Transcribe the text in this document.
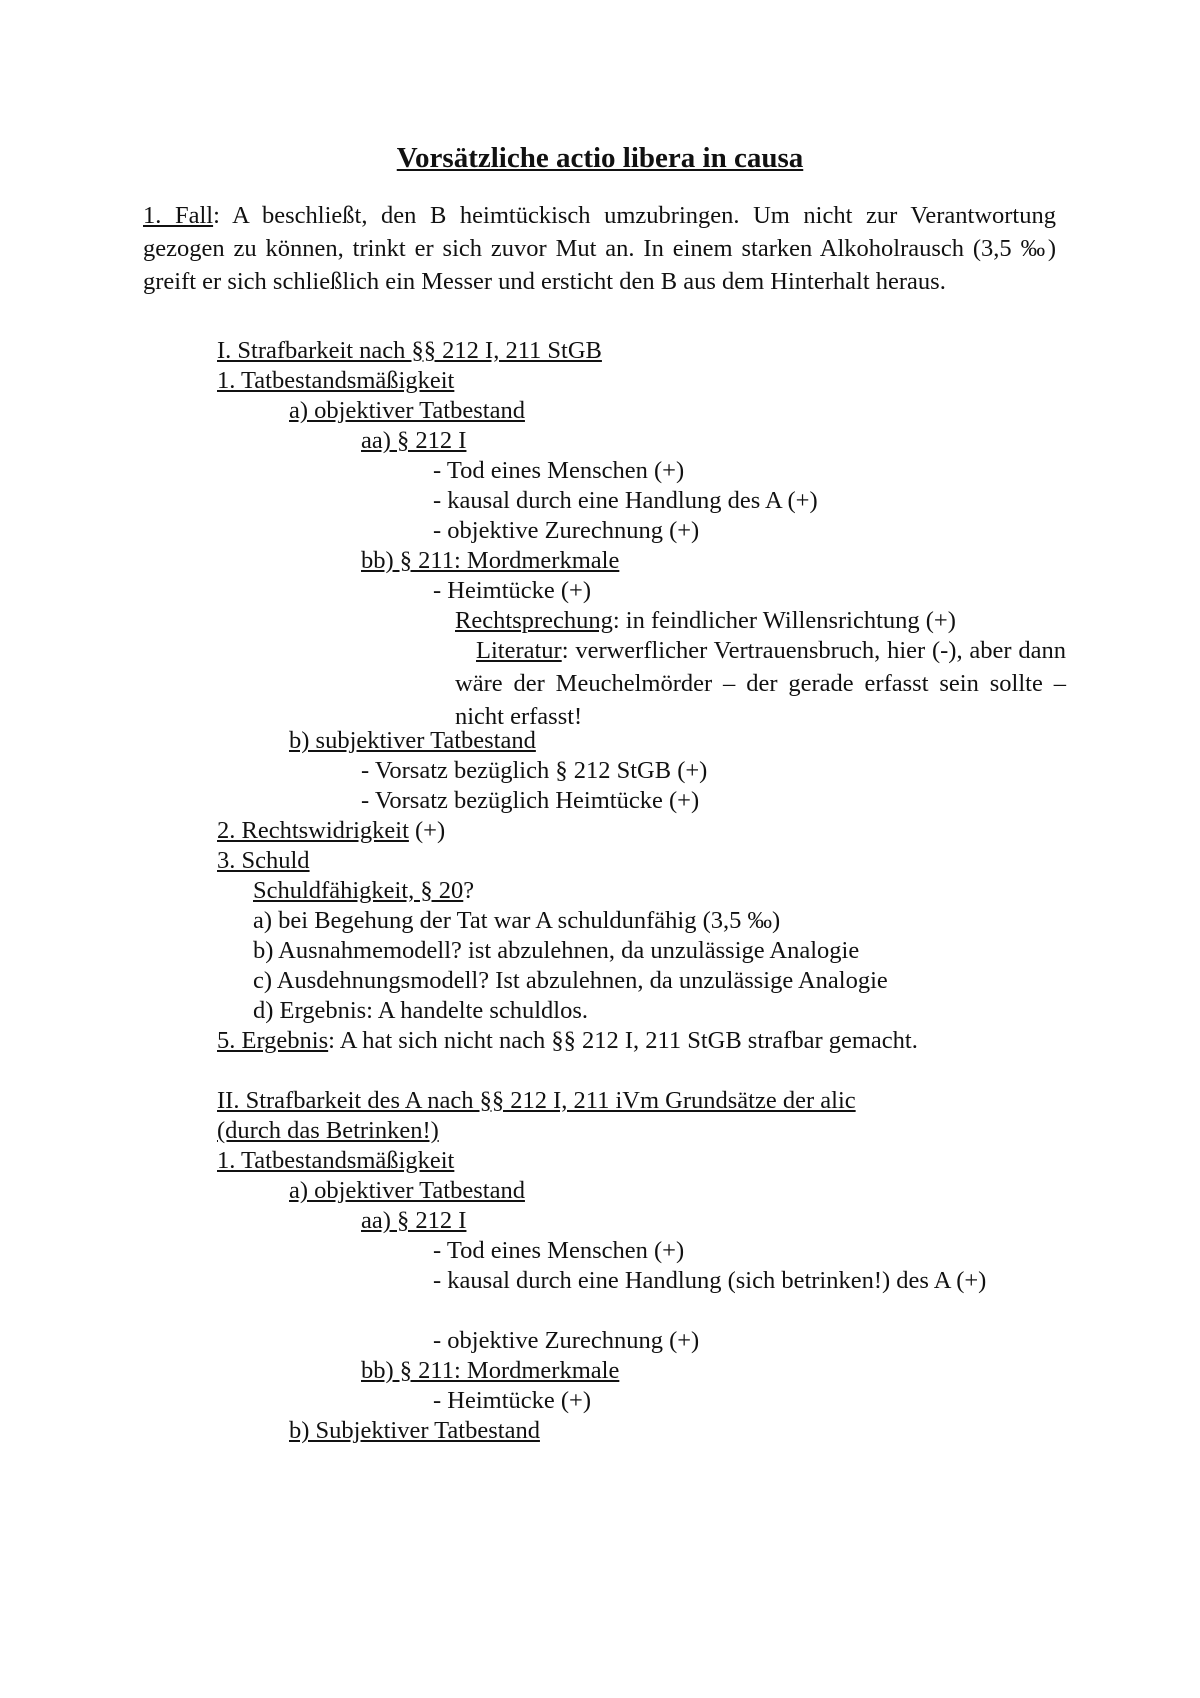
Vorsätzliche actio libera in causa
1. Fall: A beschließt, den B heimtückisch umzubringen. Um nicht zur Verantwortung gezogen zu können, trinkt er sich zuvor Mut an. In einem starken Alkoholrausch (3,5 ‰) greift er sich schließlich ein Messer und ersticht den B aus dem Hinterhalt heraus.
I. Strafbarkeit nach §§ 212 I, 211 StGB
1. Tatbestandsmäßigkeit
a) objektiver Tatbestand
aa) § 212 I
- Tod eines Menschen (+)
- kausal durch eine Handlung des A (+)
- objektive Zurechnung (+)
bb) § 211: Mordmerkmale
- Heimtücke (+)
Rechtsprechung: in feindlicher Willensrichtung (+)
Literatur: verwerflicher Vertrauensbruch, hier (-), aber dann wäre der Meuchelmörder – der gerade erfasst sein sollte – nicht erfasst!
b) subjektiver Tatbestand
- Vorsatz bezüglich § 212 StGB (+)
- Vorsatz bezüglich Heimtücke (+)
2. Rechtswidrigkeit (+)
3. Schuld
Schuldfähigkeit, § 20?
a) bei Begehung der Tat war A schuldunfähig (3,5 ‰)
b) Ausnahmemodell? ist abzulehnen, da unzulässige Analogie
c) Ausdehnungsmodell? Ist abzulehnen, da unzulässige Analogie
d) Ergebnis: A handelte schuldlos.
5. Ergebnis: A hat sich nicht nach §§ 212 I, 211 StGB strafbar gemacht.
II. Strafbarkeit des A nach §§ 212 I, 211 iVm Grundsätze der alic
(durch das Betrinken!)
1. Tatbestandsmäßigkeit
a) objektiver Tatbestand
aa) § 212 I
- Tod eines Menschen (+)
- kausal durch eine Handlung (sich betrinken!) des A (+)
- objektive Zurechnung (+)
bb) § 211: Mordmerkmale
- Heimtücke (+)
b) Subjektiver Tatbestand
